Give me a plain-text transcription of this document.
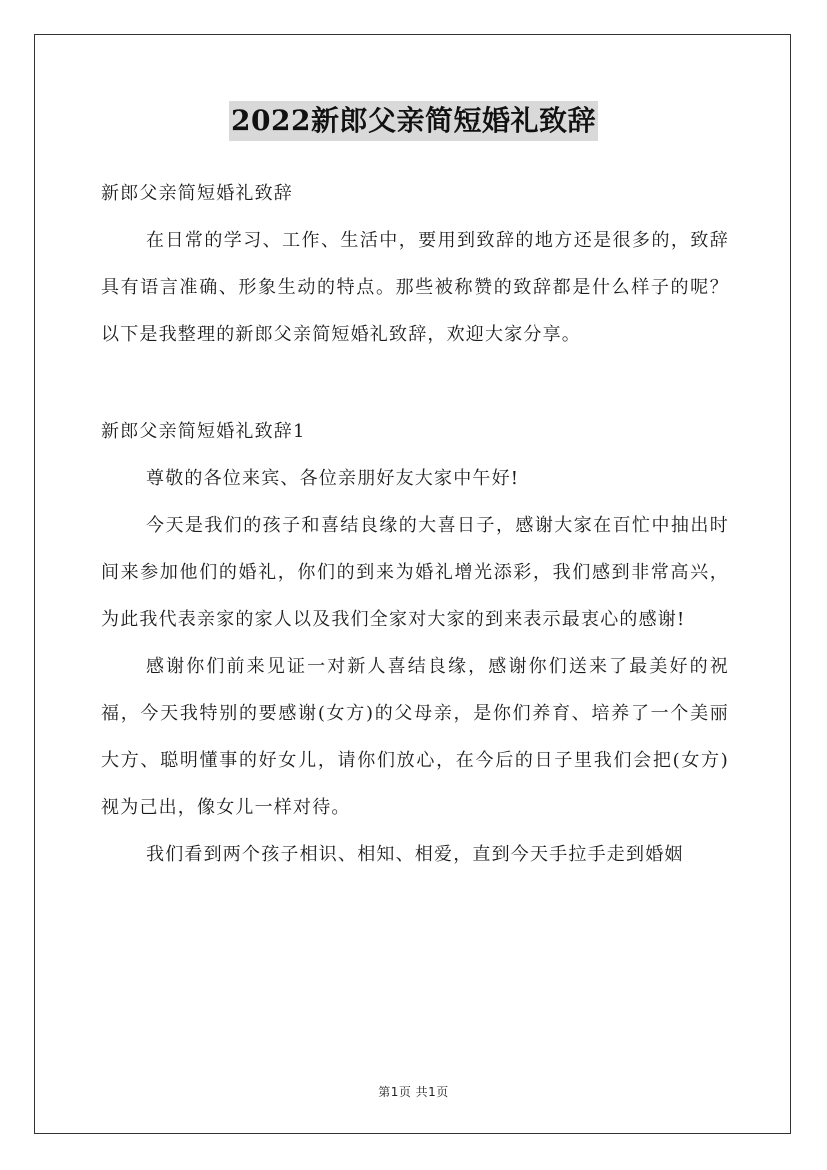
2022新郎父亲简短婚礼致辞

新郎父亲简短婚礼致辞

在日常的学习、工作、生活中，要用到致辞的地方还是很多的，致辞具有语言准确、形象生动的特点。那些被称赞的致辞都是什么样子的呢？以下是我整理的新郎父亲简短婚礼致辞，欢迎大家分享。

新郎父亲简短婚礼致辞1

尊敬的各位来宾、各位亲朋好友大家中午好!

今天是我们的孩子和喜结良缘的大喜日子，感谢大家在百忙中抽出时间来参加他们的婚礼，你们的到来为婚礼增光添彩，我们感到非常高兴，为此我代表亲家的家人以及我们全家对大家的到来表示最衷心的感谢!

感谢你们前来见证一对新人喜结良缘，感谢你们送来了最美好的祝福，今天我特别的要感谢(女方)的父母亲，是你们养育、培养了一个美丽大方、聪明懂事的好女儿，请你们放心，在今后的日子里我们会把(女方)视为己出，像女儿一样对待。

我们看到两个孩子相识、相知、相爱，直到今天手拉手走到婚姻

第1页 共1页
